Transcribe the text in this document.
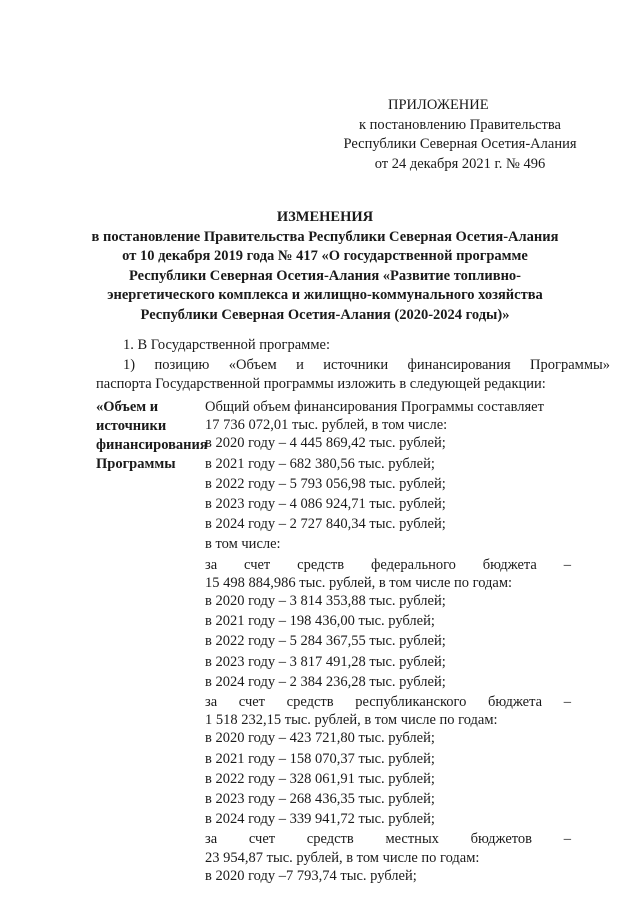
ПРИЛОЖЕНИЕ
к постановлению Правительства
Республики Северная Осетия-Алания
от 24 декабря 2021 г. № 496
ИЗМЕНЕНИЯ
в постановление Правительства Республики Северная Осетия-Алания
от 10 декабря 2019 года № 417 «О государственной программе
Республики Северная Осетия-Алания «Развитие топливно-
энергетического комплекса и жилищно-коммунального хозяйства
Республики Северная Осетия-Алания (2020-2024 годы)»
1. В Государственной программе:
1) позицию «Объем и источники финансирования Программы»
паспорта Государственной программы изложить в следующей редакции:
«Объем и
источники
финансирования
Программы
Общий объем финансирования Программы составляет
17 736 072,01 тыс. рублей, в том числе:
в 2020 году – 4 445 869,42 тыс. рублей;
в 2021 году – 682 380,56 тыс. рублей;
в 2022 году – 5 793 056,98 тыс. рублей;
в 2023 году – 4 086 924,71 тыс. рублей;
в 2024 году – 2 727 840,34 тыс. рублей;
в том числе:
за счет средств федерального бюджета –
15 498 884,986 тыс. рублей, в том числе по годам:
в 2020 году – 3 814 353,88 тыс. рублей;
в 2021 году – 198 436,00 тыс. рублей;
в 2022 году – 5 284 367,55 тыс. рублей;
в 2023 году – 3 817 491,28 тыс. рублей;
в 2024 году – 2 384 236,28 тыс. рублей;
за счет средств республиканского бюджета –
1 518 232,15 тыс. рублей, в том числе по годам:
в 2020 году – 423 721,80 тыс. рублей;
в 2021 году – 158 070,37 тыс. рублей;
в 2022 году – 328 061,91 тыс. рублей;
в 2023 году – 268 436,35 тыс. рублей;
в 2024 году – 339 941,72 тыс. рублей;
за счет средств местных бюджетов –
23 954,87 тыс. рублей, в том числе по годам:
в 2020 году –7 793,74 тыс. рублей;
